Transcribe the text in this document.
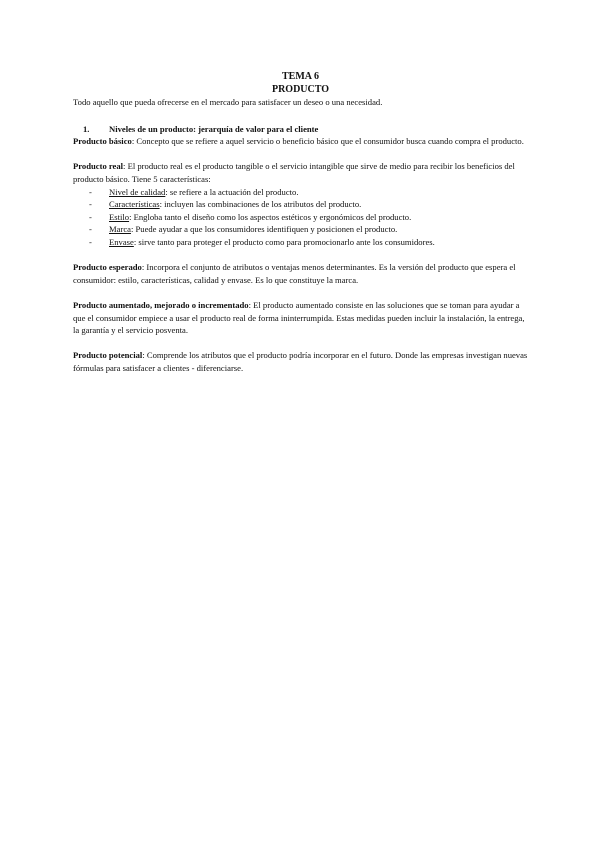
TEMA 6
PRODUCTO

Todo aquello que pueda ofrecerse en el mercado para satisfacer un deseo o una necesidad.

1.	Niveles de un producto: jerarquía de valor para el cliente

Producto básico: Concepto que se refiere a aquel servicio o beneficio básico que el consumidor busca cuando compra el producto.

Producto real: El producto real es el producto tangible o el servicio intangible que sirve de medio para recibir los beneficios del producto básico. Tiene 5 características:

-	Nivel de calidad: se refiere a la actuación del producto.
-	Características: incluyen las combinaciones de los atributos del producto.
-	Estilo: Engloba tanto el diseño como los aspectos estéticos y ergonómicos del producto.
-	Marca: Puede ayudar a que los consumidores identifiquen y posicionen el producto.
-	Envase: sirve tanto para proteger el producto como para promocionarlo ante los consumidores.

Producto esperado: Incorpora el conjunto de atributos o ventajas menos determinantes. Es la versión del producto que espera el consumidor: estilo, características, calidad y envase. Es lo que constituye la marca.

Producto aumentado, mejorado o incrementado: El producto aumentado consiste en las soluciones que se toman para ayudar a que el consumidor empiece a usar el producto real de forma ininterrumpida. Estas medidas pueden incluir la instalación, la entrega, la garantía y el servicio posventa.

Producto potencial: Comprende los atributos que el producto podría incorporar en el futuro. Donde las empresas investigan nuevas fórmulas para satisfacer a clientes - diferenciarse.
